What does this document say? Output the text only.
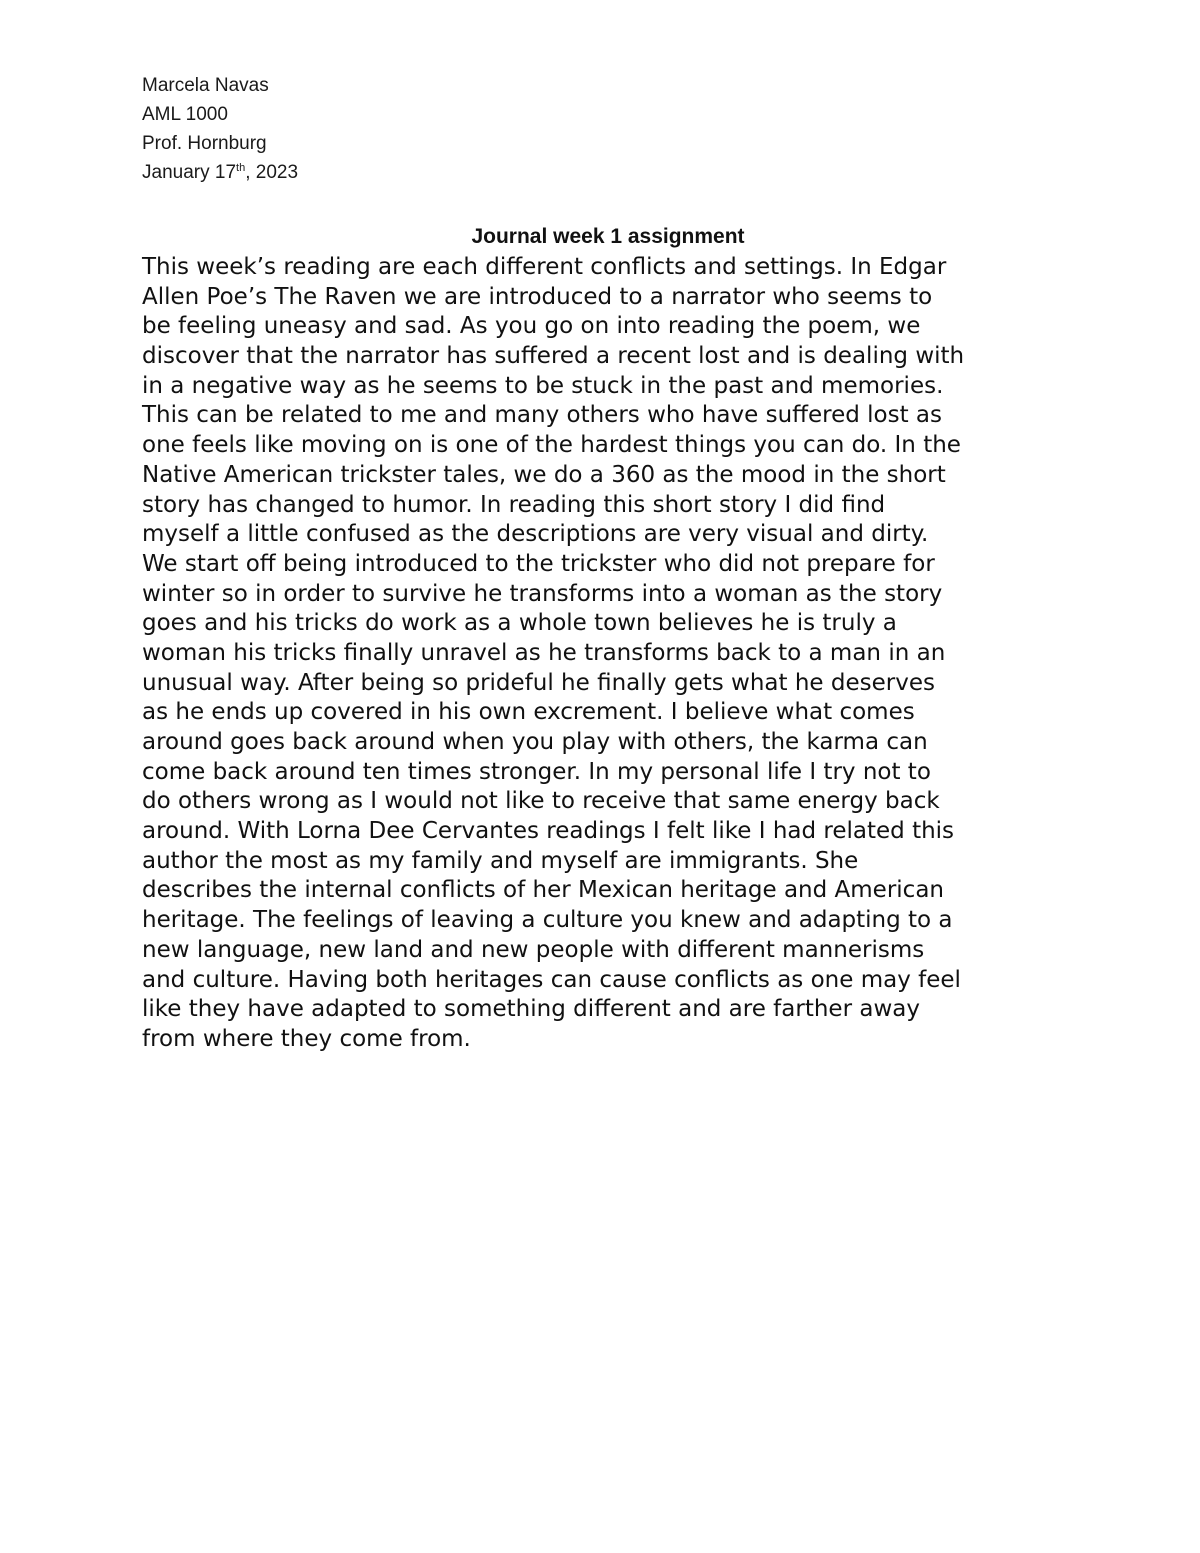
Marcela Navas
AML 1000
Prof. Hornburg
January 17th, 2023
Journal week 1 assignment
This week’s reading are each different conflicts and settings. In Edgar
Allen Poe’s The Raven we are introduced to a narrator who seems to
be feeling uneasy and sad. As you go on into reading the poem, we
discover that the narrator has suffered a recent lost and is dealing with
in a negative way as he seems to be stuck in the past and memories.
This can be related to me and many others who have suffered lost as
one feels like moving on is one of the hardest things you can do. In the
Native American trickster tales, we do a 360 as the mood in the short
story has changed to humor. In reading this short story I did find
myself a little confused as the descriptions are very visual and dirty.
We start off being introduced to the trickster who did not prepare for
winter so in order to survive he transforms into a woman as the story
goes and his tricks do work as a whole town believes he is truly a
woman his tricks finally unravel as he transforms back to a man in an
unusual way. After being so prideful he finally gets what he deserves
as he ends up covered in his own excrement. I believe what comes
around goes back around when you play with others, the karma can
come back around ten times stronger. In my personal life I try not to
do others wrong as I would not like to receive that same energy back
around. With Lorna Dee Cervantes readings I felt like I had related this
author the most as my family and myself are immigrants. She
describes the internal conflicts of her Mexican heritage and American
heritage. The feelings of leaving a culture you knew and adapting to a
new language, new land and new people with different mannerisms
and culture. Having both heritages can cause conflicts as one may feel
like they have adapted to something different and are farther away
from where they come from.
